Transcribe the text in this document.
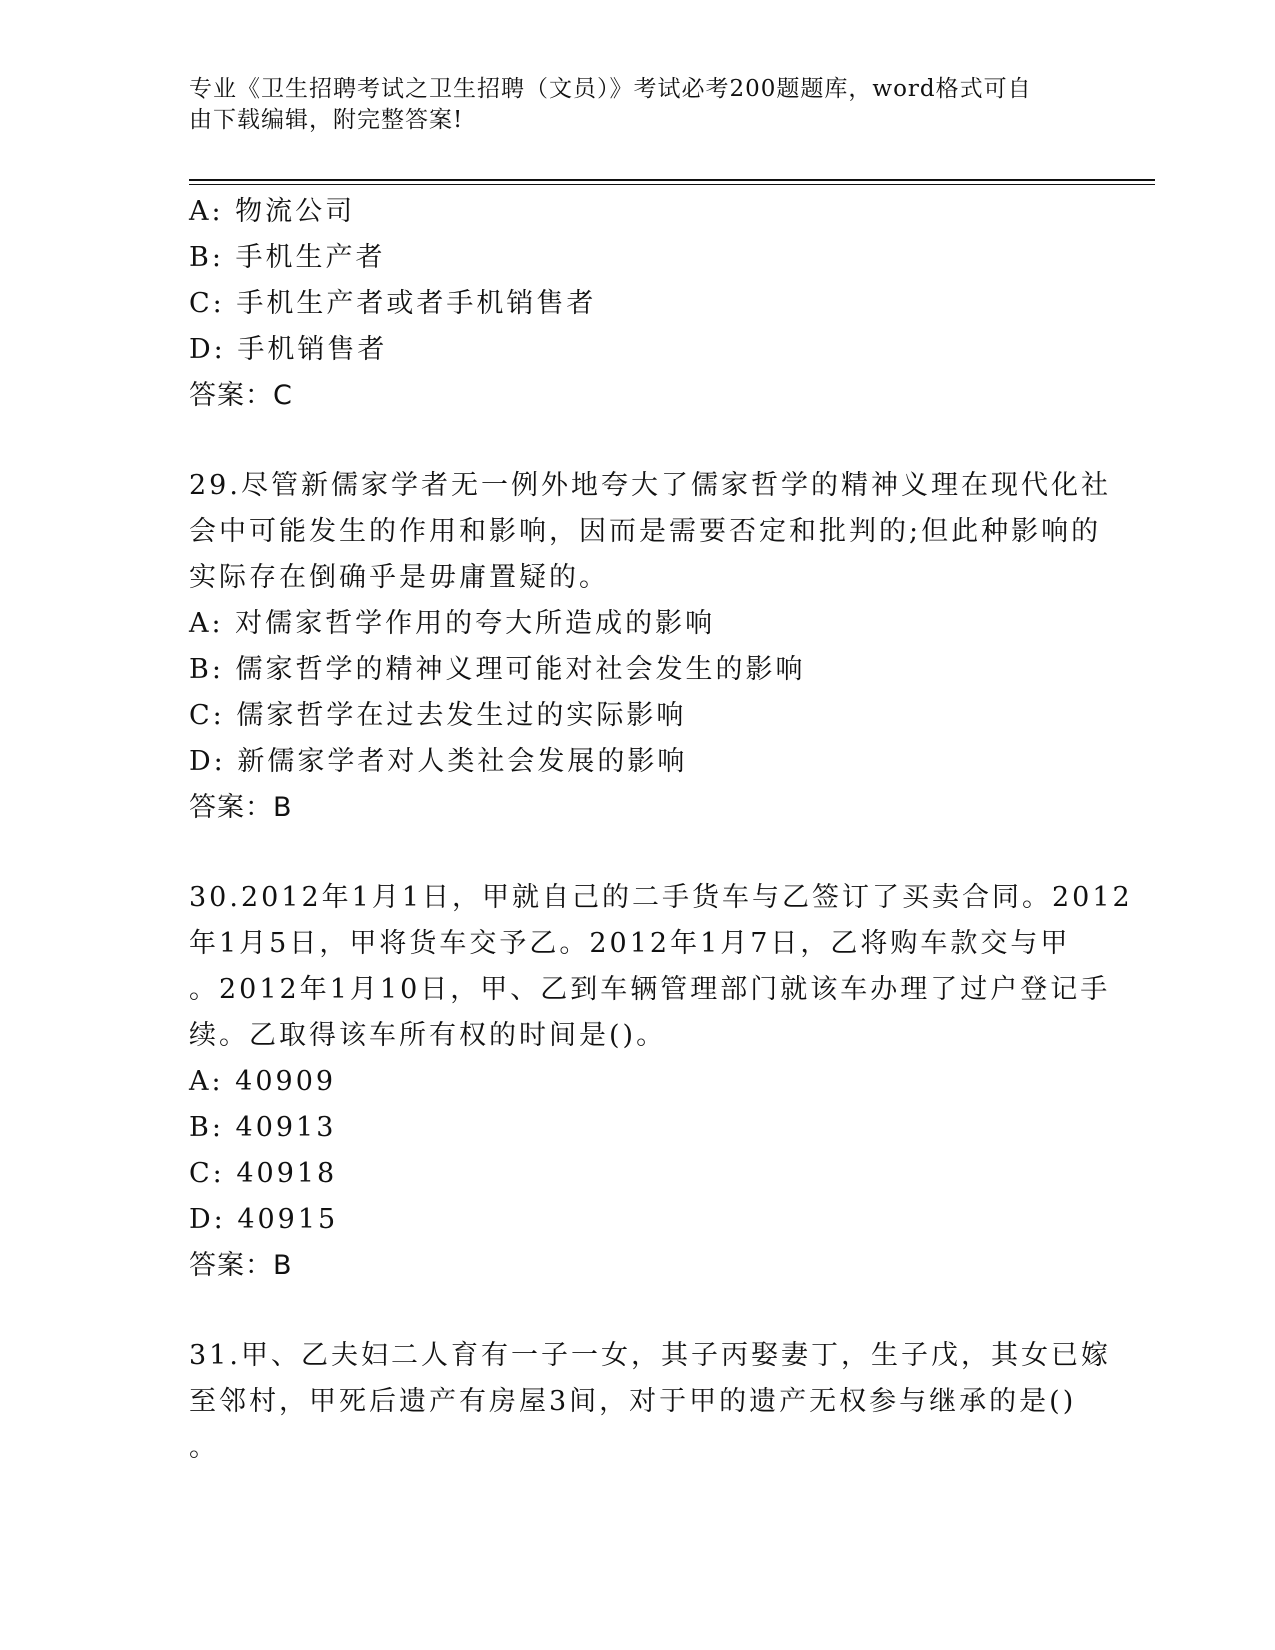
专业《卫生招聘考试之卫生招聘（文员）》考试必考200题题库，word格式可自
由下载编辑，附完整答案!
A: 物流公司
B: 手机生产者
C: 手机生产者或者手机销售者
D: 手机销售者
答案：C
29.尽管新儒家学者无一例外地夸大了儒家哲学的精神义理在现代化社
会中可能发生的作用和影响，因而是需要否定和批判的;但此种影响的
实际存在倒确乎是毋庸置疑的。
A: 对儒家哲学作用的夸大所造成的影响
B: 儒家哲学的精神义理可能对社会发生的影响
C: 儒家哲学在过去发生过的实际影响
D: 新儒家学者对人类社会发展的影响
答案：B
30.2012年1月1日，甲就自己的二手货车与乙签订了买卖合同。2012
年1月5日，甲将货车交予乙。2012年1月7日，乙将购车款交与甲
。2012年1月10日，甲、乙到车辆管理部门就该车办理了过户登记手
续。乙取得该车所有权的时间是()。
A: 40909
B: 40913
C: 40918
D: 40915
答案：B
31.甲、乙夫妇二人育有一子一女，其子丙娶妻丁，生子戊，其女已嫁
至邻村，甲死后遗产有房屋3间，对于甲的遗产无权参与继承的是()
。
